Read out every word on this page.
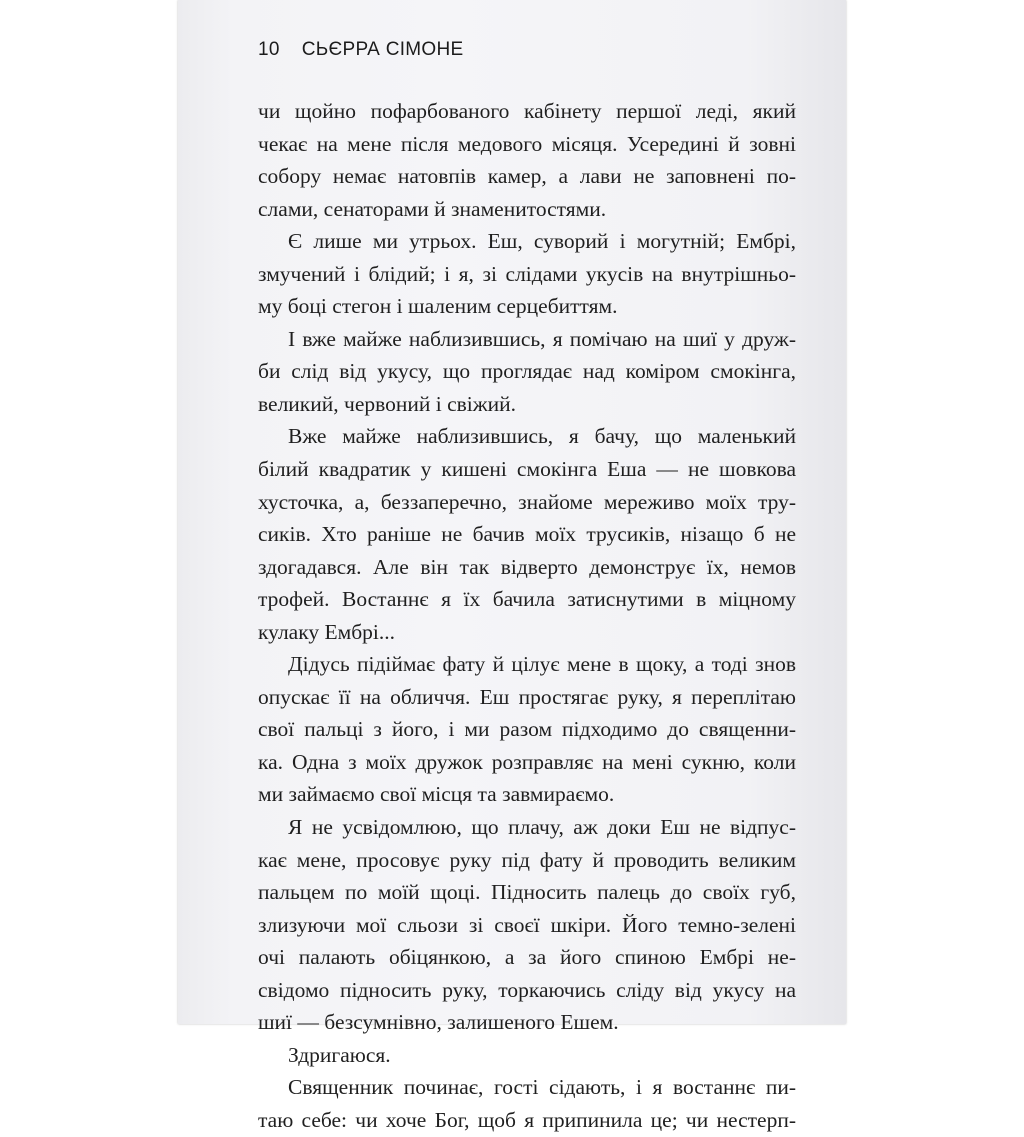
10 СЬЄРРА СІМОНЕ
чи щойно пофарбованого кабінету першої леді, який
чекає на мене після медового місяця. Усередині й зовні
собору немає натовпів камер, а лави не заповнені по-
слами, сенаторами й знаменитостями.
Є лише ми утрьох. Еш, суворий і могутній; Ембрі,
змучений і блідий; і я, зі слідами укусів на внутрішньо-
му боці стегон і шаленим серцебиттям.
І вже майже наблизившись, я помічаю на шиї у друж-
би слід від укусу, що проглядає над коміром смокінга,
великий, червоний і свіжий.
Вже майже наблизившись, я бачу, що маленький
білий квадратик у кишені смокінга Еша — не шовкова
хусточка, а, беззаперечно, знайоме мереживо моїх тру-
сиків. Хто раніше не бачив моїх трусиків, нізащо б не
здогадався. Але він так відверто демонструє їх, немов
трофей. Востаннє я їх бачила затиснутими в міцному
кулаку Ембрі...
Дідусь підіймає фату й цілує мене в щоку, а тоді знов
опускає її на обличчя. Еш простягає руку, я переплітаю
свої пальці з його, і ми разом підходимо до священни-
ка. Одна з моїх дружок розправляє на мені сукню, коли
ми займаємо свої місця та завмираємо.
Я не усвідомлюю, що плачу, аж доки Еш не відпус-
кає мене, просовує руку під фату й проводить великим
пальцем по моїй щоці. Підносить палець до своїх губ,
злизуючи мої сльози зі своєї шкіри. Його темно-зелені
очі палають обіцянкою, а за його спиною Ембрі не-
свідомо підносить руку, торкаючись сліду від укусу на
шиї — безсумнівно, залишеного Ешем.
Здригаюся.
Священник починає, гості сідають, і я востаннє пи-
таю себе: чи хоче Бог, щоб я припинила це; чи нестерп-
